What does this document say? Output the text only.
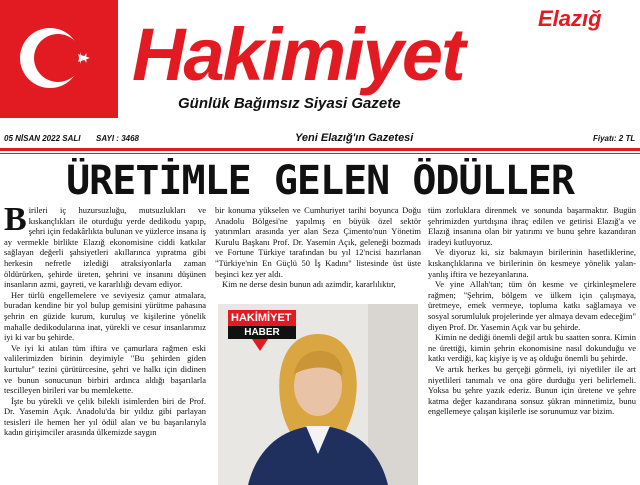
Elazığ
Hakimiyet
Günlük Bağımsız Siyasi Gazete
05 NİSAN 2022 SALI SAYI : 3468	Yeni Elazığ'ın Gazetesi	Fiyatı: 2 TL
ÜRETİMLE GELEN ÖDÜLLER

Birileri iç huzursuzluğu, mutsuzlukları ve kıskançlıkları ile oturduğu yerde dedikodu yapıp, şehri için fedakârlıkta bulunan ve yüzlerce insana iş ay vermekle birlikte Elazığ ekonomisine ciddi katkılar sağlayan değerli şahsiyetleri akıllarınca yıpratma gibi herkesin nefretle izlediği atraksiyonlarla zaman öldürürken, şehirde üreten, şehrini ve insanını düşünen insanların azmi, gayreti, ve kararlılığı devam ediyor.

Her türlü engellemelere ve seviyesiz çamur atmalara, buradan kendine bir yol bulup gemisini yürütme pahasına şehrin en güzide kurum, kuruluş ve kişilerine yönelik mahalle dedikodularına inat, yürekli ve cesur insanlarımız iyi ki var bu şehirde.

Ve iyi ki atılan tüm iftira ve çamurlara rağmen eski valilerimizden birinin deyimiyle "Bu şehirden giden kurtulur" tezini çürütürcesine, şehri ve halkı için didinen ve bunun sonucunun birbiri ardınca aldığı başarılarla tescilleyen birileri var bu memlekette.

İşte bu yürekli ve çelik bilekli isimlerden biri de Prof. Dr. Yasemin Açık. Anadolu'da bir yıldız gibi parlayan tesisleri ile hemen her yıl ödül alan ve bu başarılarıyla kadın girişimciler arasında ülkemizde saygın

bir konuma yükselen ve Cumhuriyet tarihi boyunca Doğu Anadolu Bölgesi'ne yapılmış en büyük özel sektör yatırımları arasında yer alan Seza Çimento'nun Yönetim Kurulu Başkanı Prof. Dr. Yasemin Açık, geleneği bozmadı ve Fortune Türkiye tarafından bu yıl 12'ncisi hazırlanan "Türkiye'nin En Güçlü 50 İş Kadını" listesinde üst üste beşinci kez yer aldı.

Kim ne derse desin bunun adı azimdir, kararlılıktır,

HAKİMİYET
HABER

tüm zorluklara direnmek ve sonunda başarmaktır. Bugün şehrimizden yurtdışına ihraç edilen ve getirisi Elazığ'a ve Elazığ insanına olan bir yatırımı ve bunu şehre kazandıran iradeyi kutluyoruz.

Ve diyoruz ki, siz bakmayın birilerinin hasetliklerine, kıskançlıklarına ve birilerinin ön kesmeye yönelik yalan- yanlış iftira ve hezeyanlarına.

Ve yine Allah'tan; tüm ön kesme ve çirkinleşmelere rağmen; "Şehrim, bölgem ve ülkem için çalışmaya, üretmeye, emek vermeye, topluma katkı sağlamaya ve sosyal sorumluluk projelerinde yer almaya devam edeceğim" diyen Prof. Dr. Yasemin Açık var bu şehirde.

Kimin ne dediği önemli değil artık bu saatten sonra. Kimin ne ürettiği, kimin şehrin ekonomisine nasıl dokunduğu ve katkı verdiği, kaç kişiye iş ve aş olduğu önemli bu şehirde.

Ve artık herkes bu gerçeği görmeli, iyi niyetliler ile art niyetlileri tanımalı ve ona göre durduğu yeri belirlemeli. Yoksa bu şehre yazık ederiz. Bunun için üretene ve şehre katma değer kazandırana sonsuz şükran minnetimiz, bunu engellemeye çalışan kişilerle ise sorunumuz var bizim.
